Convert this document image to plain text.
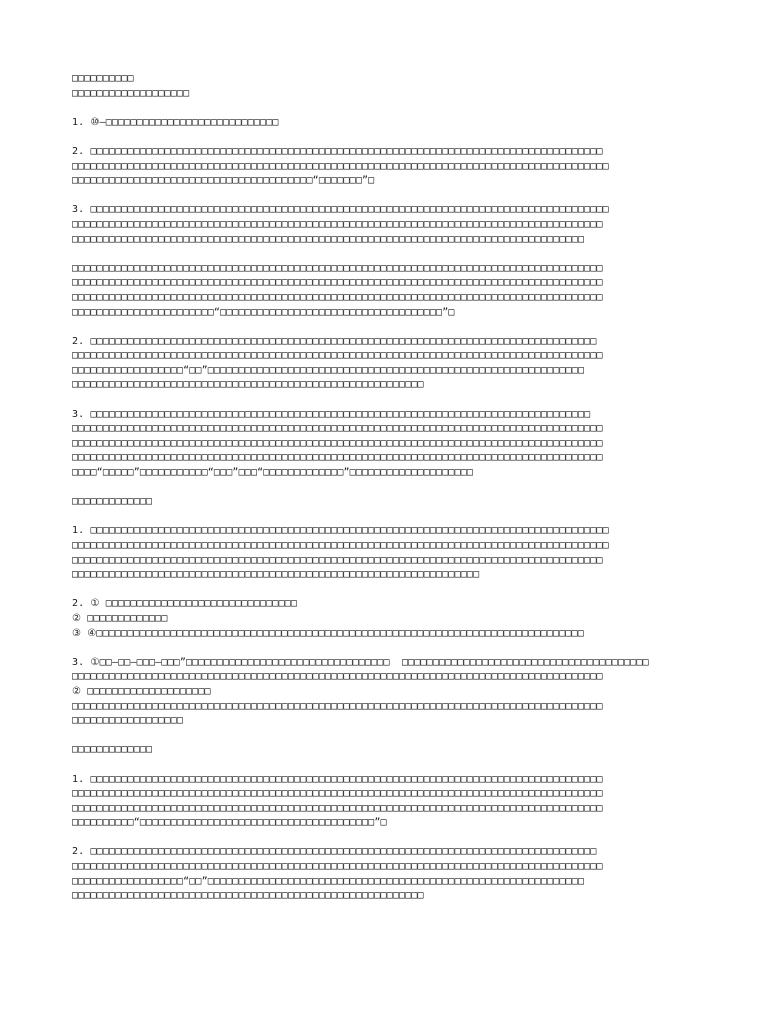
□□□□□□□□□□
□□□□□□□□□□□□□□□□□□□
1. ⑩—□□□□□□□□□□□□□□□□□□□□□□□□□□□□
2. □□□□□□□□□□□□□□□□□□□□□□□□□□□□□□□□□□□□□□□□□□□□□□□□□□□□□□□□□□□□□□□□□□□□□□□□□□□□□□□□□□□
□□□□□□□□□□□□□□□□□□□□□□□□□□□□□□□□□□□□□□□□□□□□□□□□□□□□□□□□□□□□□□□□□□□□□□□□□□□□□□□□□□□□□□□
□□□□□□□□□□□□□□□□□□□□□□□□□□□□□□□□□□□□□□□“□□□□□□□”□
3. □□□□□□□□□□□□□□□□□□□□□□□□□□□□□□□□□□□□□□□□□□□□□□□□□□□□□□□□□□□□□□□□□□□□□□□□□□□□□□□□□□□□
□□□□□□□□□□□□□□□□□□□□□□□□□□□□□□□□□□□□□□□□□□□□□□□□□□□□□□□□□□□□□□□□□□□□□□□□□□□□□□□□□□□□□□
□□□□□□□□□□□□□□□□□□□□□□□□□□□□□□□□□□□□□□□□□□□□□□□□□□□□□□□□□□□□□□□□□□□□□□□□□□□□□□□□□□□
□□□□□□□□□□□□□□□□□□□□□□□□□□□□□□□□□□□□□□□□□□□□□□□□□□□□□□□□□□□□□□□□□□□□□□□□□□□□□□□□□□□□□□
□□□□□□□□□□□□□□□□□□□□□□□□□□□□□□□□□□□□□□□□□□□□□□□□□□□□□□□□□□□□□□□□□□□□□□□□□□□□□□□□□□□□□□
□□□□□□□□□□□□□□□□□□□□□□□□□□□□□□□□□□□□□□□□□□□□□□□□□□□□□□□□□□□□□□□□□□□□□□□□□□□□□□□□□□□□□□
□□□□□□□□□□□□□□□□□□□□□□□“□□□□□□□□□□□□□□□□□□□□□□□□□□□□□□□□□□□□”□
2. □□□□□□□□□□□□□□□□□□□□□□□□□□□□□□□□□□□□□□□□□□□□□□□□□□□□□□□□□□□□□□□□□□□□□□□□□□□□□□□□□□
□□□□□□□□□□□□□□□□□□□□□□□□□□□□□□□□□□□□□□□□□□□□□□□□□□□□□□□□□□□□□□□□□□□□□□□□□□□□□□□□□□□□□□
□□□□□□□□□□□□□□□□□□“□□”□□□□□□□□□□□□□□□□□□□□□□□□□□□□□□□□□□□□□□□□□□□□□□□□□□□□□□□□□□□□□
□□□□□□□□□□□□□□□□□□□□□□□□□□□□□□□□□□□□□□□□□□□□□□□□□□□□□□□□□
3. □□□□□□□□□□□□□□□□□□□□□□□□□□□□□□□□□□□□□□□□□□□□□□□□□□□□□□□□□□□□□□□□□□□□□□□□□□□□□□□□□
□□□□□□□□□□□□□□□□□□□□□□□□□□□□□□□□□□□□□□□□□□□□□□□□□□□□□□□□□□□□□□□□□□□□□□□□□□□□□□□□□□□□□□
□□□□□□□□□□□□□□□□□□□□□□□□□□□□□□□□□□□□□□□□□□□□□□□□□□□□□□□□□□□□□□□□□□□□□□□□□□□□□□□□□□□□□□
□□□□□□□□□□□□□□□□□□□□□□□□□□□□□□□□□□□□□□□□□□□□□□□□□□□□□□□□□□□□□□□□□□□□□□□□□□□□□□□□□□□□□□
□□□□“□□□□□”□□□□□□□□□□□“□□□”□□□“□□□□□□□□□□□□□”□□□□□□□□□□□□□□□□□□□□
□□□□□□□□□□□□□
1. □□□□□□□□□□□□□□□□□□□□□□□□□□□□□□□□□□□□□□□□□□□□□□□□□□□□□□□□□□□□□□□□□□□□□□□□□□□□□□□□□□□□
□□□□□□□□□□□□□□□□□□□□□□□□□□□□□□□□□□□□□□□□□□□□□□□□□□□□□□□□□□□□□□□□□□□□□□□□□□□□□□□□□□□□□□□
□□□□□□□□□□□□□□□□□□□□□□□□□□□□□□□□□□□□□□□□□□□□□□□□□□□□□□□□□□□□□□□□□□□□□□□□□□□□□□□□□□□□□□
□□□□□□□□□□□□□□□□□□□□□□□□□□□□□□□□□□□□□□□□□□□□□□□□□□□□□□□□□□□□□□□□□□
2. ① □□□□□□□□□□□□□□□□□□□□□□□□□□□□□□□
② □□□□□□□□□□□□□
③ ④□□□□□□□□□□□□□□□□□□□□□□□□□□□□□□□□□□□□□□□□□□□□□□□□□□□□□□□□□□□□□□□□□□□□□□□□□□□□□□□
3. ①□□—□□—□□□—□□□”□□□□□□□□□□□□□□□□□□□□□□□□□□□□□□□□□  □□□□□□□□□□□□□□□□□□□□□□□□□□□□□□□□□□□□□□□□
□□□□□□□□□□□□□□□□□□□□□□□□□□□□□□□□□□□□□□□□□□□□□□□□□□□□□□□□□□□□□□□□□□□□□□□□□□□□□□□□□□□□□□
② □□□□□□□□□□□□□□□□□□□□
□□□□□□□□□□□□□□□□□□□□□□□□□□□□□□□□□□□□□□□□□□□□□□□□□□□□□□□□□□□□□□□□□□□□□□□□□□□□□□□□□□□□□□
□□□□□□□□□□□□□□□□□□
□□□□□□□□□□□□□
1. □□□□□□□□□□□□□□□□□□□□□□□□□□□□□□□□□□□□□□□□□□□□□□□□□□□□□□□□□□□□□□□□□□□□□□□□□□□□□□□□□□□
□□□□□□□□□□□□□□□□□□□□□□□□□□□□□□□□□□□□□□□□□□□□□□□□□□□□□□□□□□□□□□□□□□□□□□□□□□□□□□□□□□□□□□
□□□□□□□□□□□□□□□□□□□□□□□□□□□□□□□□□□□□□□□□□□□□□□□□□□□□□□□□□□□□□□□□□□□□□□□□□□□□□□□□□□□□□□
□□□□□□□□□□“□□□□□□□□□□□□□□□□□□□□□□□□□□□□□□□□□□□□□□”□
2. □□□□□□□□□□□□□□□□□□□□□□□□□□□□□□□□□□□□□□□□□□□□□□□□□□□□□□□□□□□□□□□□□□□□□□□□□□□□□□□□□□
□□□□□□□□□□□□□□□□□□□□□□□□□□□□□□□□□□□□□□□□□□□□□□□□□□□□□□□□□□□□□□□□□□□□□□□□□□□□□□□□□□□□□□
□□□□□□□□□□□□□□□□□□“□□”□□□□□□□□□□□□□□□□□□□□□□□□□□□□□□□□□□□□□□□□□□□□□□□□□□□□□□□□□□□□□
□□□□□□□□□□□□□□□□□□□□□□□□□□□□□□□□□□□□□□□□□□□□□□□□□□□□□□□□□
